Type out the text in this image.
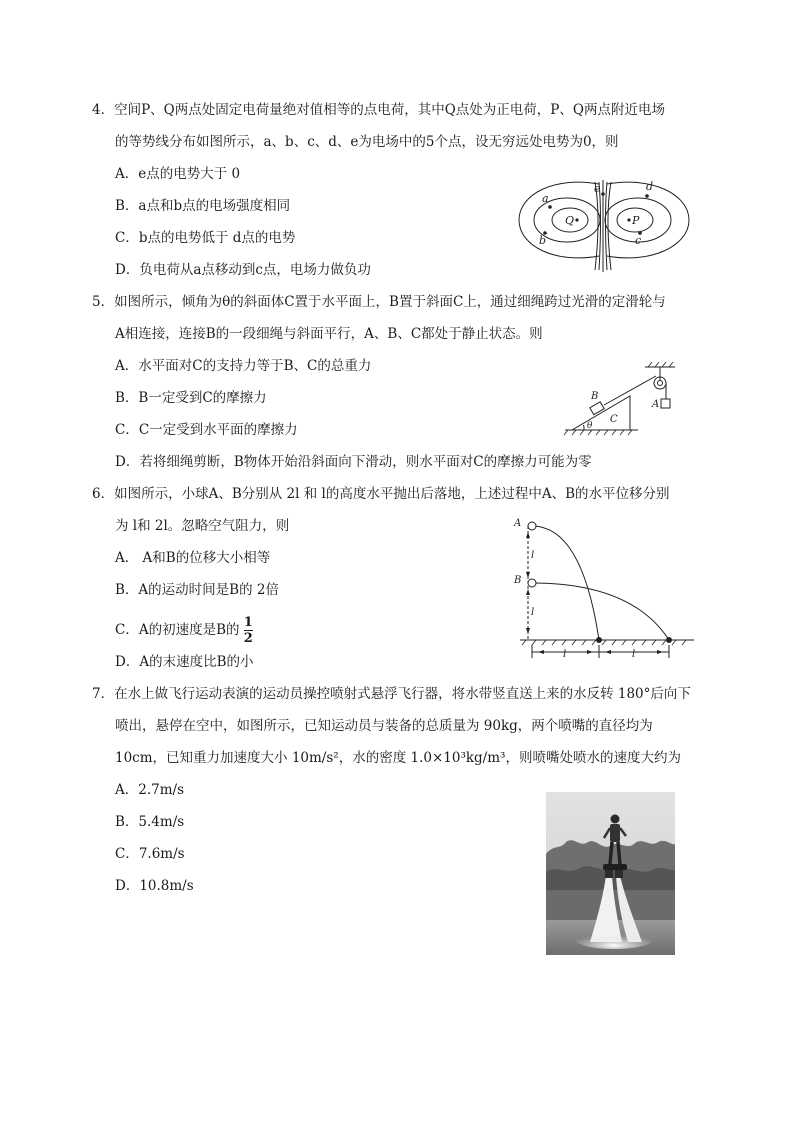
4．空间P、Q两点处固定电荷量绝对值相等的点电荷，其中Q点处为正电荷，P、Q两点附近电场
的等势线分布如图所示，a、b、c、d、e为电场中的5个点，设无穷远处电势为0，则
A．e点的电势大于 0
B．a点和b点的电场强度相同
C．b点的电势低于 d点的电势
D．负电荷从a点移动到c点，电场力做负功
Q	P
a
b	c
d
e
5．如图所示，倾角为θ的斜面体C置于水平面上，B置于斜面C上，通过细绳跨过光滑的定滑轮与
A相连接，连接B的一段细绳与斜面平行，A、B、C都处于静止状态。则
A．水平面对C的支持力等于B、C的总重力
B．B一定受到C的摩擦力
C．C一定受到水平面的摩擦力
D．若将细绳剪断，B物体开始沿斜面向下滑动，则水平面对C的摩擦力可能为零
B
C
θ
A
6．如图所示，小球A、B分别从 2l 和 l的高度水平抛出后落地，上述过程中A、B的水平位移分别
为 l和 2l。忽略空气阻力，则
A． A和B的位移大小相等
B．A的运动时间是B的 2倍
C．A的初速度是B的 $\frac{1}{2}$
D．A的末速度比B的小
A
B
l
l
l	l
7．在水上做飞行运动表演的运动员操控喷射式悬浮飞行器，将水带竖直送上来的水反转 180°后向下
喷出，悬停在空中，如图所示，已知运动员与装备的总质量为 90kg，两个喷嘴的直径均为
10cm，已知重力加速度大小 10m/s²，水的密度 1.0×10³kg/m³，则喷嘴处喷水的速度大约为
A．2.7m/s
B．5.4m/s
C．7.6m/s
D．10.8m/s
